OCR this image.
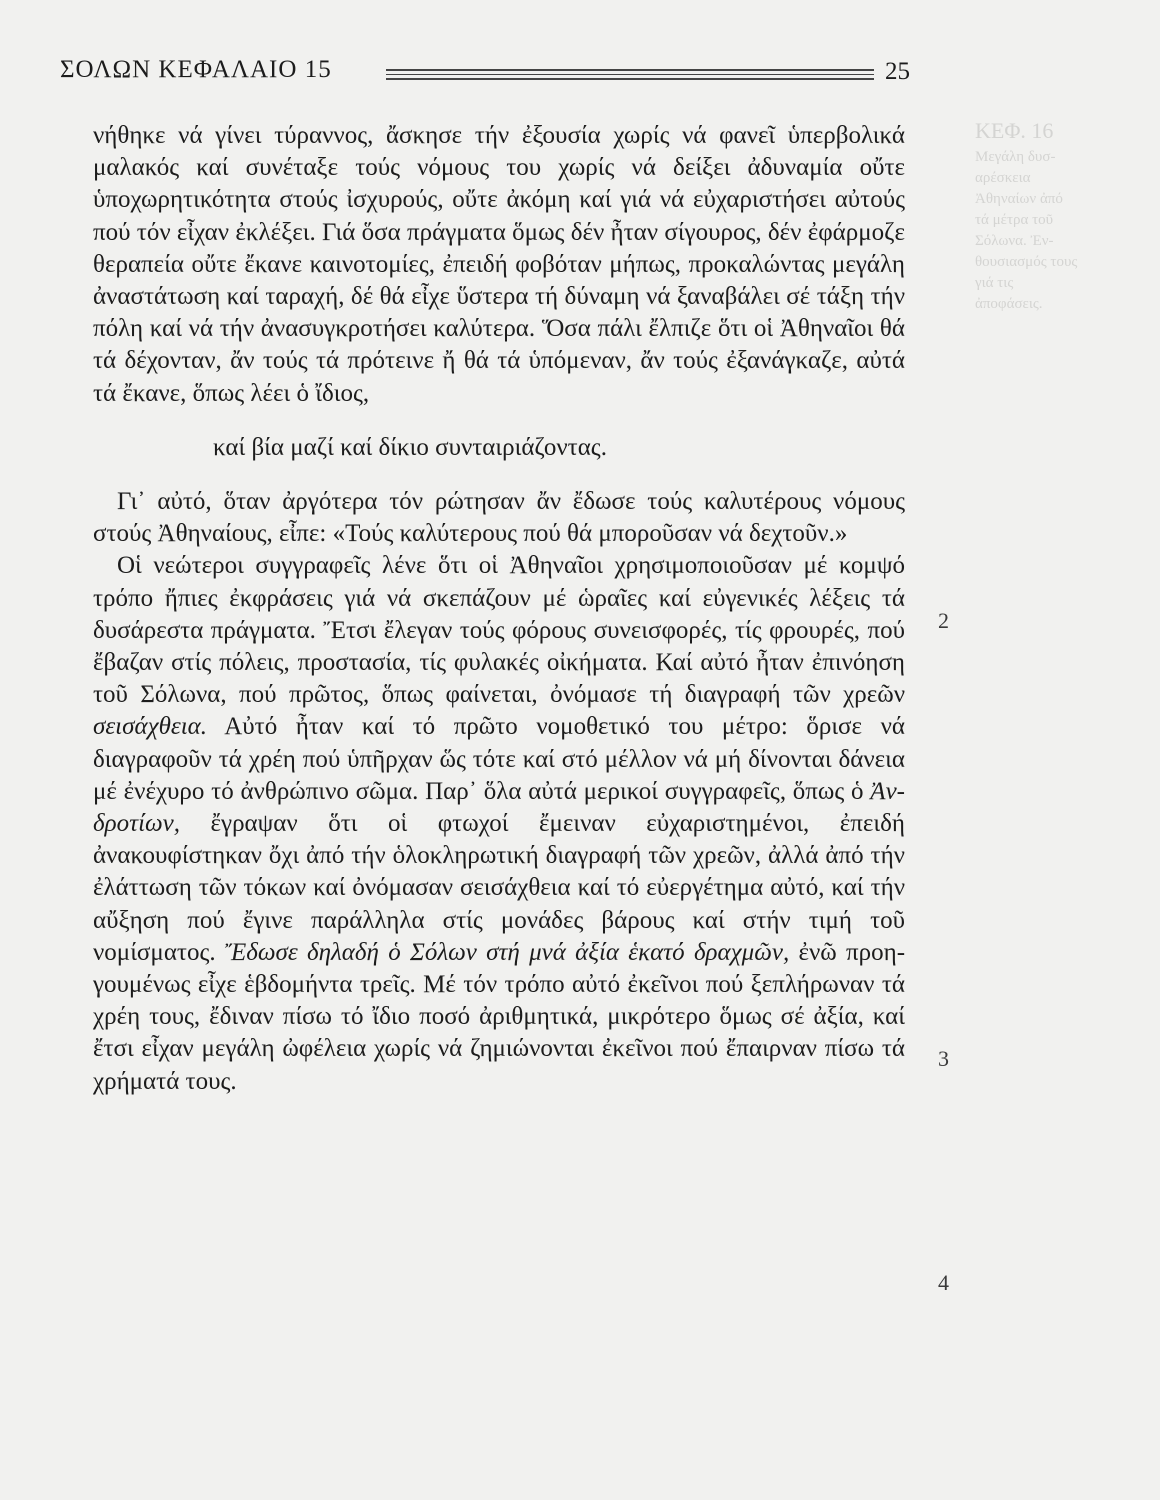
ΣΟΛΩΝ ΚΕΦΑΛΑΙΟ 15	25
ΚΕΦ. 16
Μεγάλη δυσ-
αρέσκεια
Ἀθηναίων ἀπό
τά μέτρα τοῦ
Σόλωνα. Ἐν-
θουσιασμός τους
γιά τις
ἀποφάσεις.

νήθηκε νά γίνει τύραννος, ἄσκησε τήν ἐξουσία χωρίς νά φανεῖ ὑπερβολικά μαλακός καί συνέταξε τούς νόμους του χωρίς νά δείξει ἀδυναμία οὔτε ὑποχωρητικότητα στούς ἰσχυρούς, οὔτε ἀκόμη καί γιά νά εὐχαριστήσει αὐτούς πού τόν εἶχαν ἐκλέξει. Γιά ὅσα πράγματα ὅμως δέν ἦταν σίγουρος, δέν ἐφάρμοζε θεραπεία οὔτε ἔκανε καινοτομίες, ἐπειδή φοβόταν μήπως, προκαλώντας μεγάλη ἀναστάτωση καί ταραχή, δέ θά εἶχε ὕστερα τή δύναμη νά ξαναβάλει σέ τάξη τήν πόλη καί νά τήν ἀνασυγκροτήσει καλύτερα. Ὅσα πάλι ἔλπιζε ὅτι οἱ Ἀθηναῖοι θά τά δέχονταν, ἄν τούς τά πρότεινε ἤ θά τά ὑπόμεναν, ἄν τούς ἐξανάγκαζε, αὐτά τά ἔκανε, ὅπως λέει ὁ ἴδιος,

καί βία μαζί καί δίκιο συνταιριάζοντας.

Γι᾽ αὐτό, ὅταν ἀργότερα τόν ρώτησαν ἄν ἔδωσε τούς καλυτέρους νόμους στούς Ἀθηναίους, εἶπε: «Τούς καλύτερους πού θά μποροῦσαν νά δεχτοῦν.»

Οἱ νεώτεροι συγγραφεῖς λένε ὅτι οἱ Ἀθηναῖοι χρησιμοποιοῦσαν μέ κομψό τρόπο ἤπιες ἐκφράσεις γιά νά σκεπάζουν μέ ὡραῖες καί εὐγενικές λέξεις τά δυσάρεστα πράγματα. Ἔτσι ἔλεγαν τούς φόρους συνεισφορές, τίς φρουρές, πού ἔβαζαν στίς πόλεις, προστασία, τίς φυλακές οἰκήματα. Καί αὐτό ἦταν ἐπινόηση τοῦ Σόλωνα, πού πρῶτος, ὅπως φαίνεται, ὀνόμασε τή διαγραφή τῶν χρεῶν σεισάχθεια. Αὐτό ἦταν καί τό πρῶτο νομοθετικό του μέτρο: ὅρισε νά διαγραφοῦν τά χρέη πού ὑπῆρχαν ὥς τότε καί στό μέλλον νά μή δίνονται δάνεια μέ ἐνέχυρο τό ἀνθρώπινο σῶμα. Παρ᾽ ὅλα αὐτά μερικοί συγγραφεῖς, ὅπως ὁ Ἀνδροτίων, ἔγραψαν ὅτι οἱ φτωχοί ἔμειναν εὐχαριστημένοι, ἐπειδή ἀνακουφίστηκαν ὄχι ἀπό τήν ὁλοκληρωτική διαγραφή τῶν χρεῶν, ἀλλά ἀπό τήν ἐλάττωση τῶν τόκων καί ὀνόμασαν σεισάχθεια καί τό εὐεργέτημα αὐτό, καί τήν αὔξηση πού ἔγινε παράλληλα στίς μονάδες βάρους καί στήν τιμή τοῦ νομίσματος. Ἔδωσε δηλαδή ὁ Σόλων στή μνά ἀξία ἑκατό δραχμῶν, ἐνῶ προηγουμένως εἶχε ἑβδομήντα τρεῖς. Μέ τόν τρόπο αὐτό ἐκεῖνοι πού ξεπλήρωναν τά χρέη τους, ἔδιναν πίσω τό ἴδιο ποσό ἀριθμητικά, μικρότερο ὅμως σέ ἀξία, καί ἔτσι εἶχαν μεγάλη ὠφέλεια χωρίς νά ζημιώνονται ἐκεῖνοι πού ἔπαιρναν πίσω τά χρήματά τους.

2
3
4
